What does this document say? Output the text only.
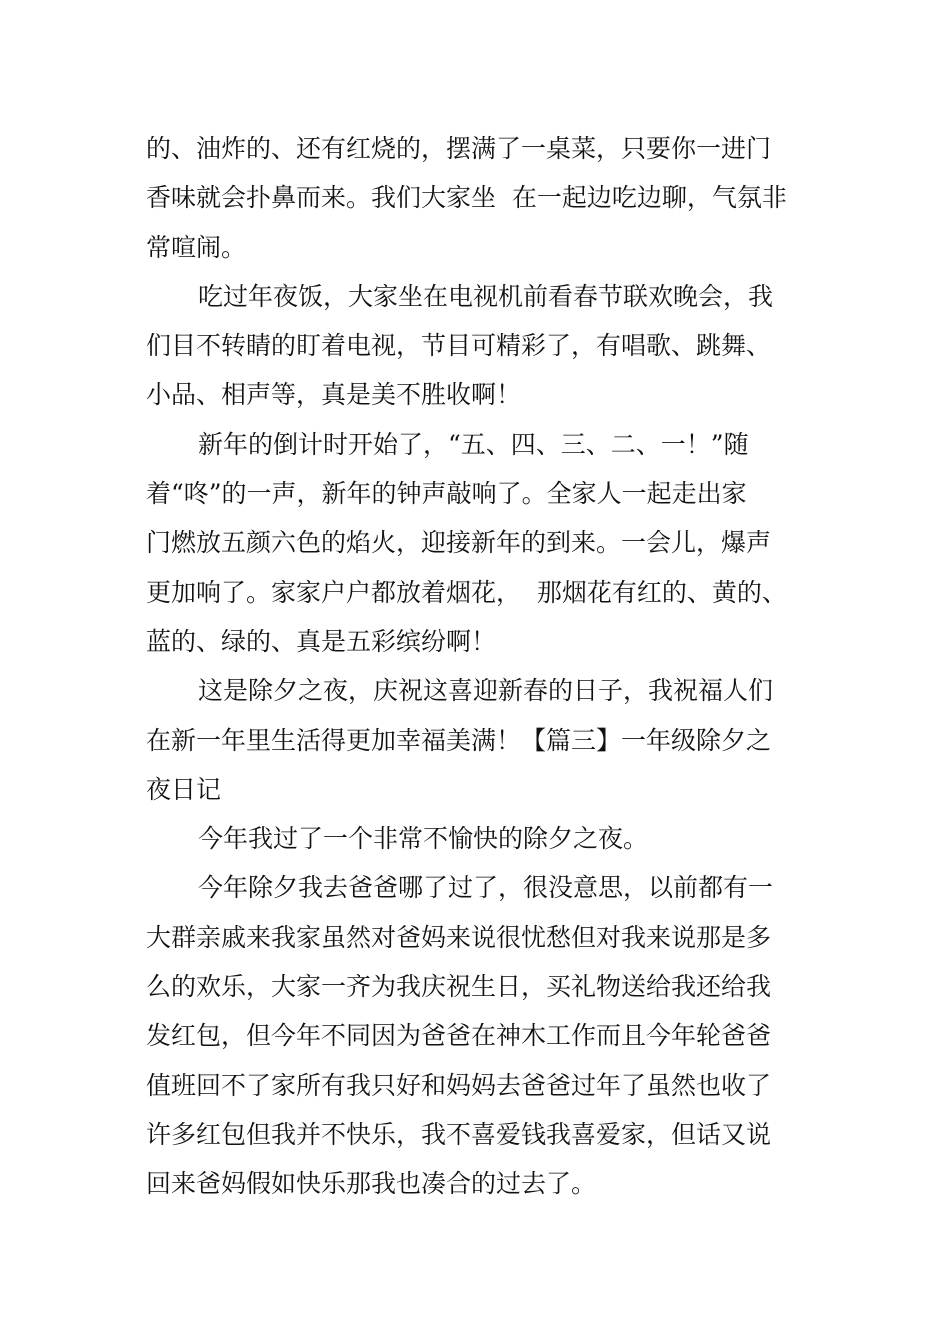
的、油炸的、还有红烧的，摆满了一桌菜，只要你一进门
香味就会扑鼻而来。我们大家坐  在一起边吃边聊，气氛非
常喧闹。
吃过年夜饭，大家坐在电视机前看春节联欢晚会，我
们目不转睛的盯着电视，节目可精彩了，有唱歌、跳舞、
小品、相声等，真是美不胜收啊！
新年的倒计时开始了，“五、四、三、二、一！”随
着“咚”的一声，新年的钟声敲响了。全家人一起走出家
门燃放五颜六色的焰火，迎接新年的到来。一会儿，爆声
更加响了。家家户户都放着烟花，  那烟花有红的、黄的、
蓝的、绿的、真是五彩缤纷啊！
这是除夕之夜，庆祝这喜迎新春的日子，我祝福人们
在新一年里生活得更加幸福美满！【篇三】一年级除夕之
夜日记
今年我过了一个非常不愉快的除夕之夜。
今年除夕我去爸爸哪了过了，很没意思，以前都有一
大群亲戚来我家虽然对爸妈来说很忧愁但对我来说那是多
么的欢乐，大家一齐为我庆祝生日，买礼物送给我还给我
发红包，但今年不同因为爸爸在神木工作而且今年轮爸爸
值班回不了家所有我只好和妈妈去爸爸过年了虽然也收了
许多红包但我并不快乐，我不喜爱钱我喜爱家，但话又说
回来爸妈假如快乐那我也凑合的过去了。
